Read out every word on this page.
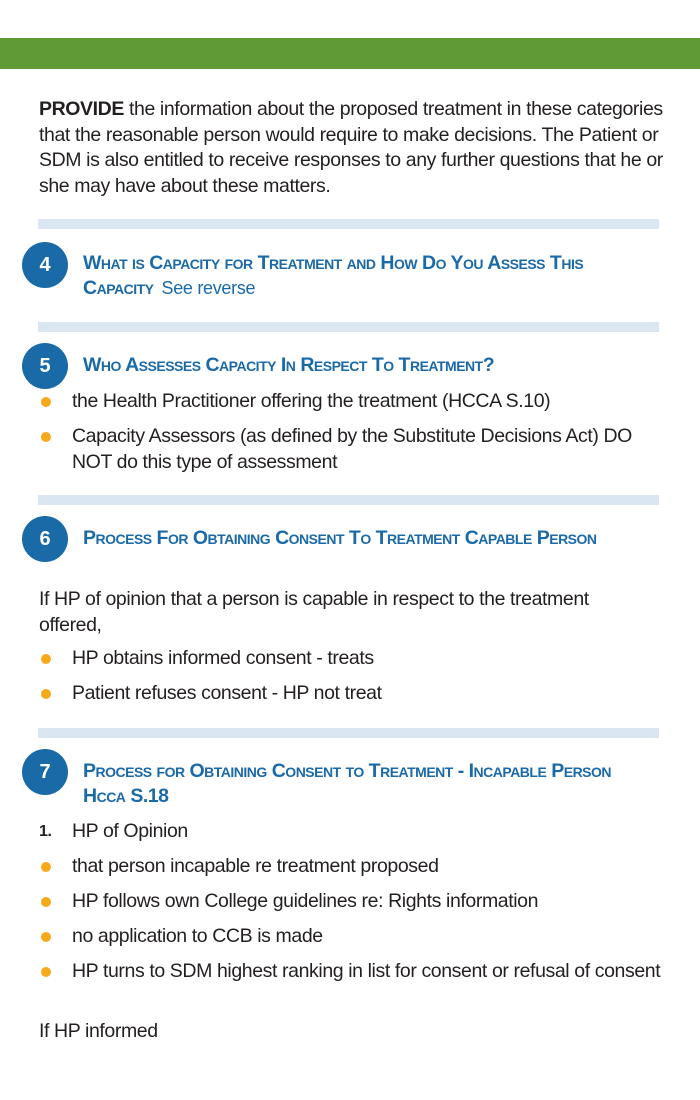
PROVIDE the information about the proposed treatment in these categories that the reasonable person would require to make decisions. The Patient or SDM is also entitled to receive responses to any further questions that he or she may have about these matters.
4	What is Capacity for Treatment and How Do You Assess This Capacity See reverse
5	Who Assesses Capacity In Respect To Treatment?
the Health Practitioner offering the treatment (HCCA S.10)
Capacity Assessors (as defined by the Substitute Decisions Act) DO NOT do this type of assessment
6	Process For Obtaining Consent To Treatment Capable Person
If HP of opinion that a person is capable in respect to the treatment offered,
HP obtains informed consent - treats
Patient refuses consent - HP not treat
7	Process for Obtaining Consent to Treatment - Incapable Person Hcca S.18
1. HP of Opinion
that person incapable re treatment proposed
HP follows own College guidelines re: Rights information
no application to CCB is made
HP turns to SDM highest ranking in list for consent or refusal of consent
If HP informed
